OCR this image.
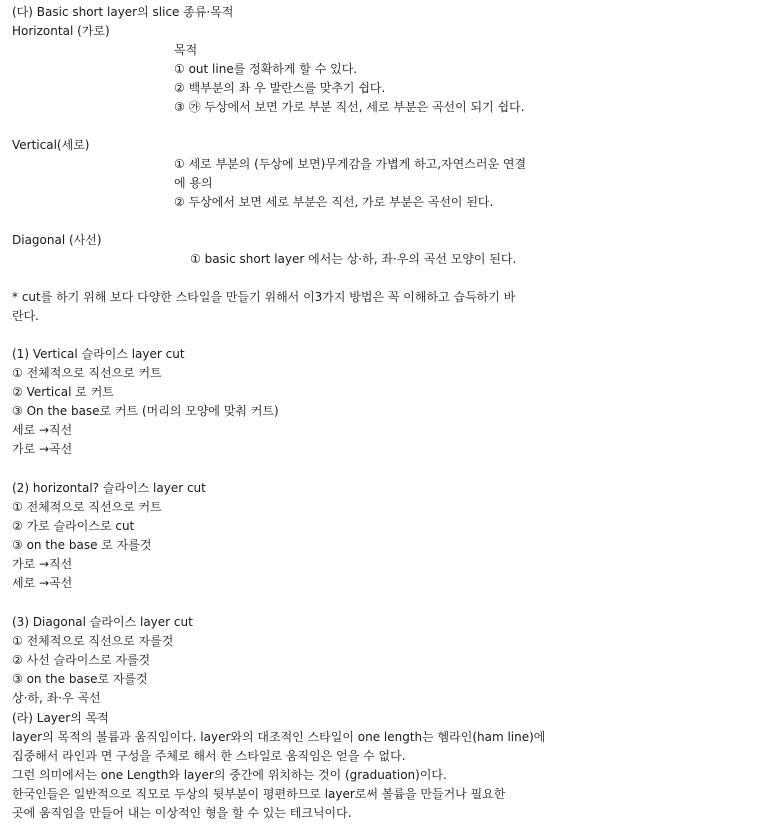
(다) Basic short layer의 slice 종류·목적
Horizontal (가로)
목적
① out line를 정확하게 할 수 있다.
② 백부분의 좌 우 발란스를 맞추기 쉽다.
③ ㉮ 두상에서 보면 가로 부분 직선, 세로 부분은 곡선이 되기 쉽다.
Vertical(세로)
① 세로 부분의 (두상에 보면)무게감을 가볍게 하고,자연스러운 연결
에 용의
② 두상에서 보면 세로 부분은 직선, 가로 부분은 곡선이 된다.
Diagonal (사선)
① basic short layer 에서는 상·하, 좌·우의 곡선 모양이 된다.
* cut를 하기 위해 보다 다양한 스타일을 만들기 위해서 이3가지 방법은 꼭 이해하고 습득하기 바
란다.
(1) Vertical 슬라이스 layer cut
① 전체적으로 직선으로 커트
② Vertical 로 커트
③ On the base로 커트 (머리의 모양에 맞춰 커트)
세로 →직선
가로 →곡선
(2) horizontal? 슬라이스 layer cut
① 전체적으로 직선으로 커트
② 가로 슬라이스로 cut
③ on the base 로 자를것
가로 →직선
세로 →곡선
(3) Diagonal 슬라이스 layer cut
① 전체적으로 직선으로 자를것
② 사선 슬라이스로 자를것
③ on the base로 자를것
상·하, 좌·우 곡선
(라) Layer의 목적
layer의 목적의 볼륨과 움직임이다. layer와의 대조적인 스타일이 one length는 헴라인(ham line)에
집중해서 라인과 면 구성을 주체로 해서 한 스타일로 움직임은 얻을 수 없다.
그런 의미에서는 one Length와 layer의 중간에 위치하는 것이 (graduation)이다.
한국인들은 일반적으로 직모로 두상의 뒷부분이 평편하므로 layer로써 볼륨을 만들거나 필요한
곳에 움직임을 만들어 내는 이상적인 형을 할 수 있는 테크닉이다.
